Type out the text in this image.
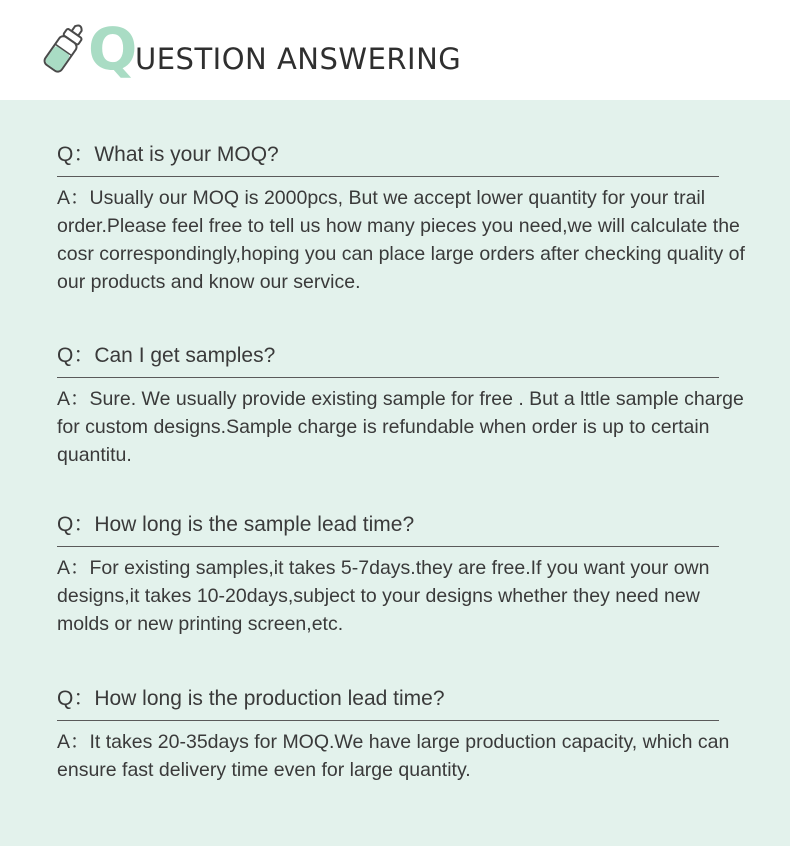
Q
UESTION ANSWERING
Q：What is your MOQ?
A：Usually our MOQ is 2000pcs, But we accept lower quantity for your trail order.Please feel free to tell us how many pieces you need,we will calculate the cosr correspondingly,hoping you can place large orders after checking quality of our products and know our service.
Q：Can I get samples?
A：Sure. We usually provide existing sample for free . But a lttle sample charge for custom designs.Sample charge is refundable when order is up to certain quantitu.
Q：How long is the sample lead time?
A：For existing samples,it takes 5-7days.they are free.If you want your own designs,it takes 10-20days,subject to your designs whether they need new molds or new printing screen,etc.
Q：How long is the production lead time?
A：It takes 20-35days for MOQ.We have large production capacity, which can ensure fast delivery time even for large quantity.
